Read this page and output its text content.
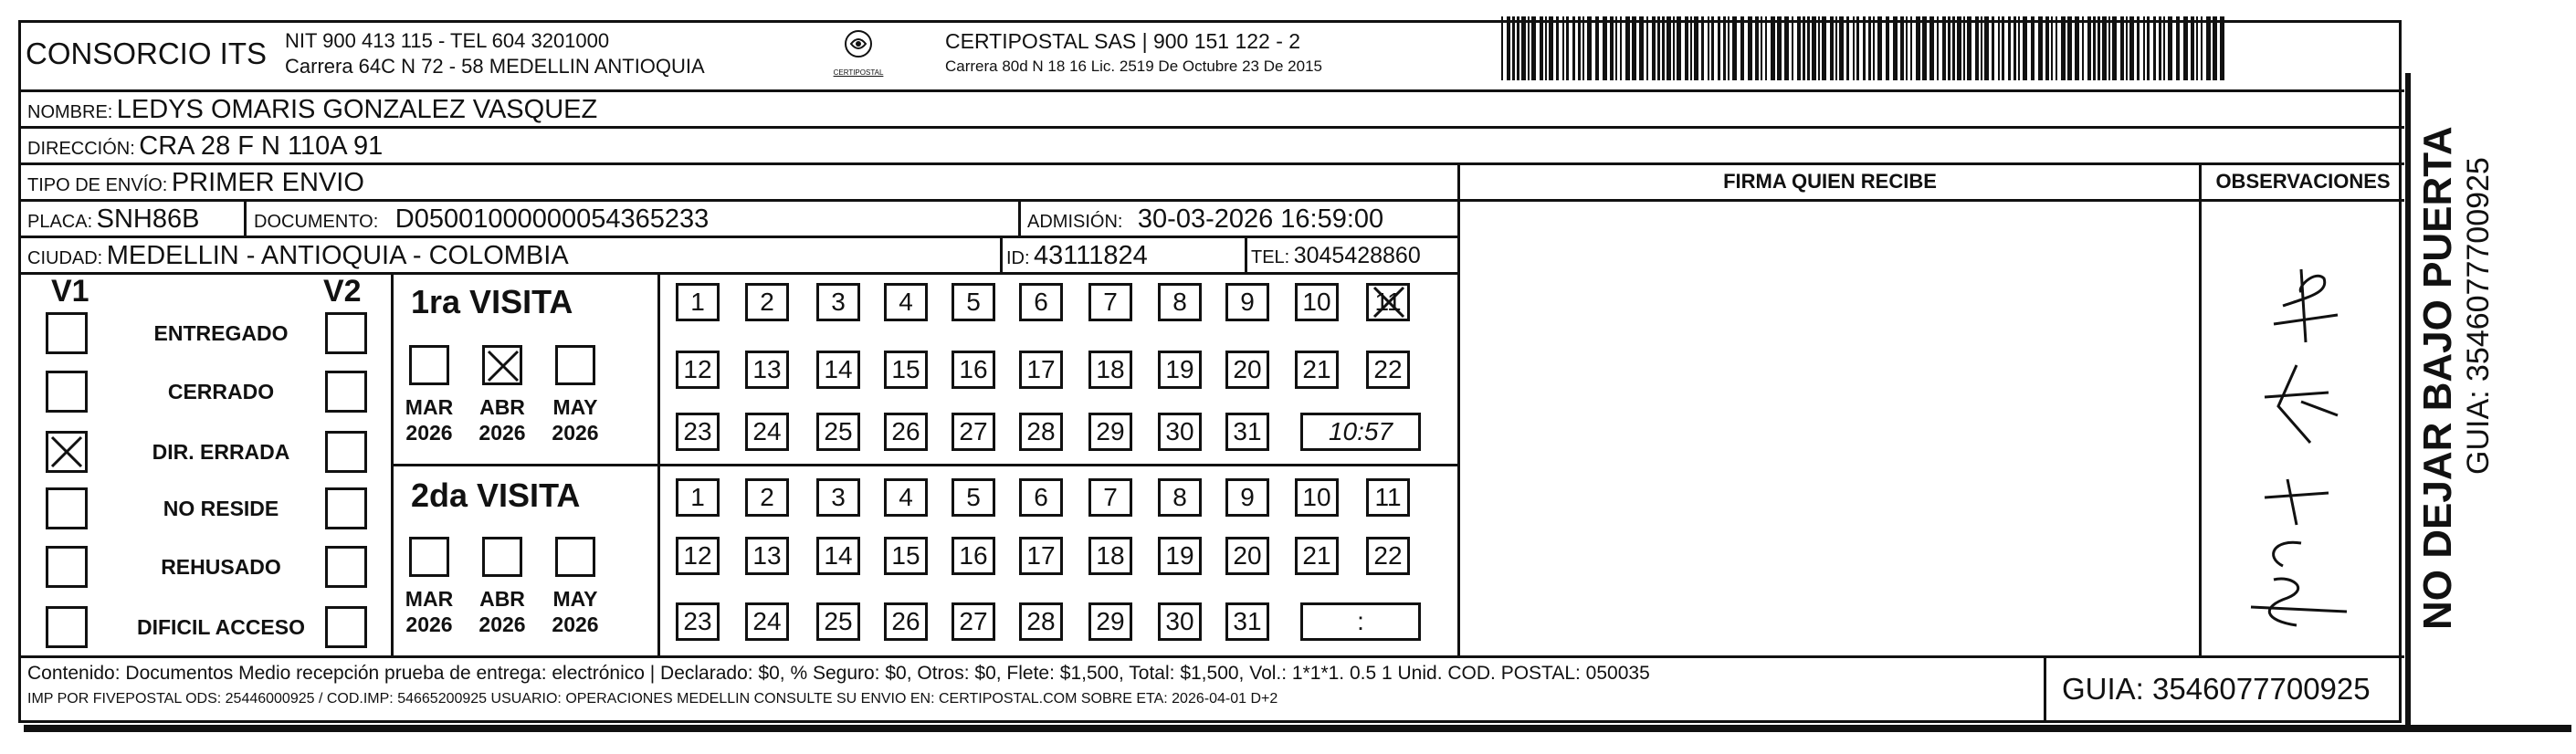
CONSORCIO ITS NIT 900 413 115 - TEL 604 3201000
Carrera 64C N 72 - 58 MEDELLIN ANTIOQUIA	CERTIPOSTAL
CERTIPOSTAL SAS | 900 151 122 - 2
Carrera 80d N 18 16 Lic. 2519 De Octubre 23 De 2015
NOMBRE: LEDYS OMARIS GONZALEZ VASQUEZ
DIRECCIÓN: CRA 28 F N 110A 91
TIPO DE ENVÍO: PRIMER ENVIO
PLACA: SNH86B	DOCUMENTO: D05001000000054365233	ADMISIÓN: 30-03-2026 16:59:00
CIUDAD: MEDELLIN - ANTIOQUIA - COLOMBIA	ID: 43111824	TEL: 3045428860
FIRMA QUIEN RECIBE	OBSERVACIONES NO DEJAR BAJO PUERTA GUIA: 3546077700925
V1	V2
ENTREGADO
CERRADO
DIR. ERRADA
NO RESIDE
REHUSADO
DIFICIL ACCESO
1ra VISITA
MAR
2026
ABR
2026
MAY
2026
1	2	3	4	5	6	7	8	9	10	11
12	13	14	15	16	17	18	19	20	21	22
23	24	25	26	27	28	29	30	31	10:57
2da VISITA
MAR
2026
ABR
2026
MAY
2026
1	2	3	4	5	6	7	8	9	10	11
12	13	14	15	16	17	18	19	20	21	22
23	24	25	26	27	28	29	30	31	:
Contenido: Documentos Medio recepción prueba de entrega: electrónico | Declarado: $0, % Seguro: $0, Otros: $0, Flete: $1,500, Total: $1,500, Vol.: 1*1*1. 0.5 1 Unid. COD. POSTAL: 050035
IMP POR FIVEPOSTAL ODS: 25446000925 / COD.IMP: 54665200925 USUARIO: OPERACIONES MEDELLIN CONSULTE SU ENVIO EN: CERTIPOSTAL.COM SOBRE ETA: 2026-04-01 D+2	GUIA: 3546077700925
